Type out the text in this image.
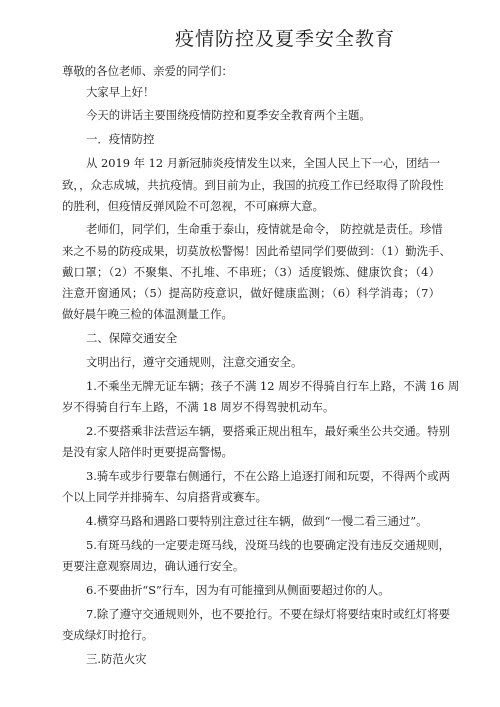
疫情防控及夏季安全教育
尊敬的各位老师、亲爱的同学们：
大家早上好！
今天的讲话主要围绕疫情防控和夏季安全教育两个主题。
一．疫情防控
从 2019 年 12 月新冠肺炎疫情发生以来，全国人民上下一心，团结一
致，，众志成城，共抗疫情。到目前为止，我国的抗疫工作已经取得了阶段性
的胜利，但疫情反弹风险不可忽视，不可麻痹大意。
老师们，同学们，生命重于泰山，疫情就是命令， 防控就是责任。珍惜
来之不易的防疫成果，切莫放松警惕！因此希望同学们要做到：（1）勤洗手、
戴口罩；（2）不聚集、不扎堆、不串班；（3）适度锻炼、健康饮食；（4）
注意开窗通风；（5）提高防疫意识，做好健康监测；（6）科学消毒；（7）
做好晨午晚三检的体温测量工作。
二、保障交通安全
文明出行，遵守交通规则，注意交通安全。
1.不乘坐无牌无证车辆；孩子不满 12 周岁不得骑自行车上路，不满 16 周
岁不得骑自行车上路，不满 18 周岁不得驾驶机动车。
2.不要搭乘非法营运车辆，要搭乘正规出租车，最好乘坐公共交通。特别
是没有家人陪伴时更要提高警惕。
3.骑车或步行要靠右侧通行，不在公路上追逐打闹和玩耍，不得两个或两
个以上同学并排骑车、勾肩搭背或赛车。
4.横穿马路和遇路口要特别注意过往车辆，做到“一慢二看三通过”。
5.有斑马线的一定要走斑马线，没斑马线的也要确定没有违反交通规则，
更要注意观察周边，确认通行安全。
6.不要曲折“S”行车，因为有可能撞到从侧面要超过你的人。
7.除了遵守交通规则外，也不要抢行。不要在绿灯将要结束时或红灯将要
变成绿灯时抢行。
三.防范火灾
